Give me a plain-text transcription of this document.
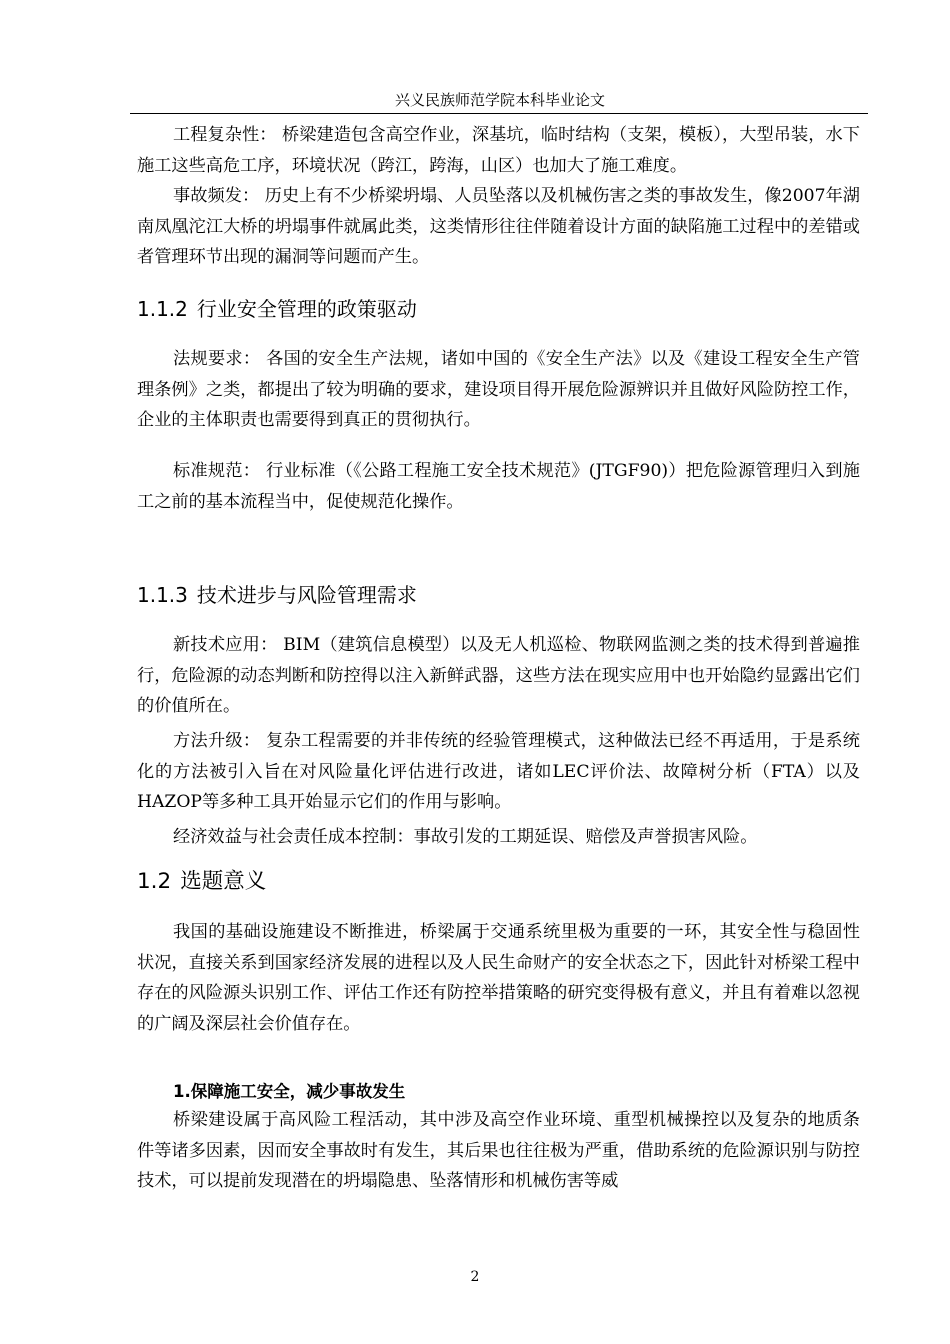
兴义民族师范学院本科毕业论文

工程复杂性： 桥梁建造包含高空作业，深基坑，临时结构（支架，模板），大型吊装，水下施工这些高危工序，环境状况（跨江，跨海，山区）也加大了施工难度。

事故频发： 历史上有不少桥梁坍塌、人员坠落以及机械伤害之类的事故发生，像2007年湖南凤凰沱江大桥的坍塌事件就属此类，这类情形往往伴随着设计方面的缺陷施工过程中的差错或者管理环节出现的漏洞等问题而产生。

1.1.2 行业安全管理的政策驱动

法规要求： 各国的安全生产法规，诸如中国的《安全生产法》以及《建设工程安全生产管理条例》之类，都提出了较为明确的要求，建设项目得开展危险源辨识并且做好风险防控工作，企业的主体职责也需要得到真正的贯彻执行。

标准规范： 行业标准（《公路工程施工安全技术规范》(JTGF90)）把危险源管理归入到施工之前的基本流程当中，促使规范化操作。

1.1.3 技术进步与风险管理需求

新技术应用： BIM（建筑信息模型）以及无人机巡检、物联网监测之类的技术得到普遍推行，危险源的动态判断和防控得以注入新鲜武器，这些方法在现实应用中也开始隐约显露出它们的价值所在。

方法升级： 复杂工程需要的并非传统的经验管理模式，这种做法已经不再适用，于是系统化的方法被引入旨在对风险量化评估进行改进，诸如LEC评价法、故障树分析（FTA）以及HAZOP等多种工具开始显示它们的作用与影响。

经济效益与社会责任成本控制：事故引发的工期延误、赔偿及声誉损害风险。

1.2 选题意义

我国的基础设施建设不断推进，桥梁属于交通系统里极为重要的一环，其安全性与稳固性状况，直接关系到国家经济发展的进程以及人民生命财产的安全状态之下，因此针对桥梁工程中存在的风险源头识别工作、评估工作还有防控举措策略的研究变得极有意义，并且有着难以忽视的广阔及深层社会价值存在。

1.保障施工安全，减少事故发生

桥梁建设属于高风险工程活动，其中涉及高空作业环境、重型机械操控以及复杂的地质条件等诸多因素，因而安全事故时有发生，其后果也往往极为严重，借助系统的危险源识别与防控技术，可以提前发现潜在的坍塌隐患、坠落情形和机械伤害等威

2
